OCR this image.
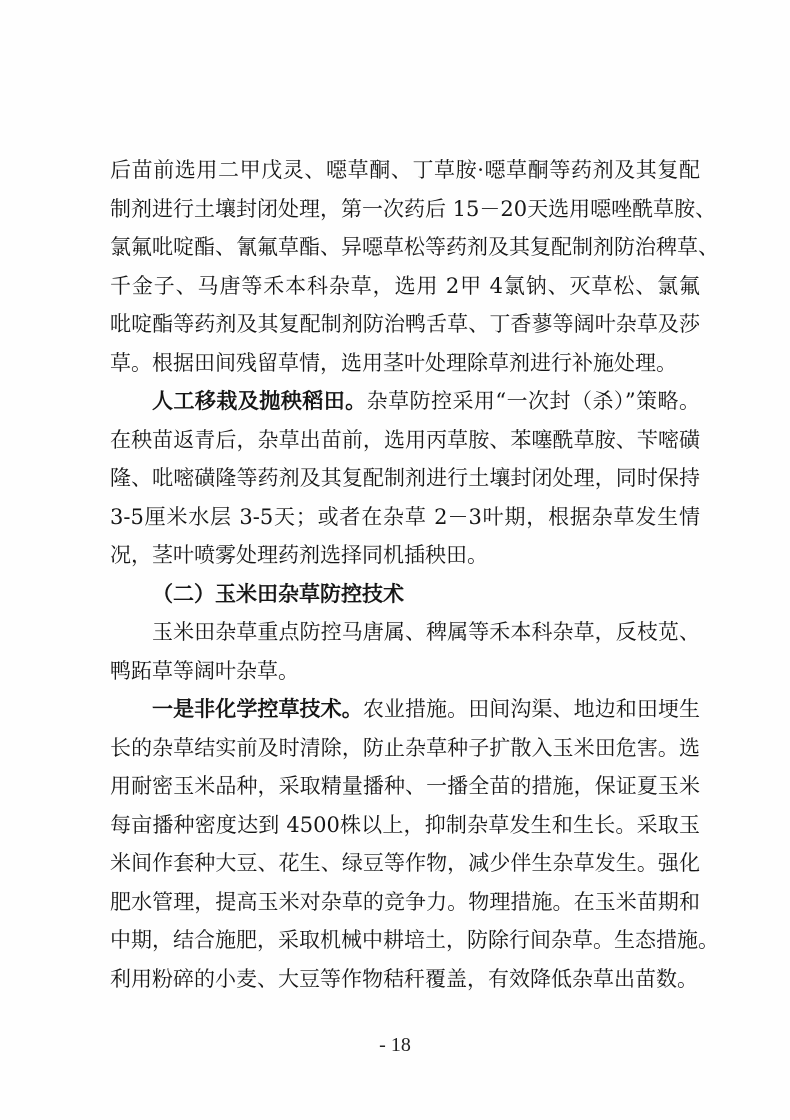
后苗前选用二甲戊灵、噁草酮、丁草胺·噁草酮等药剂及其复配
制剂进行土壤封闭处理，第一次药后 15－20天选用噁唑酰草胺、
氯氟吡啶酯、氰氟草酯、异噁草松等药剂及其复配制剂防治稗草、
千金子、马唐等禾本科杂草，选用 2甲 4氯钠、灭草松、氯氟
吡啶酯等药剂及其复配制剂防治鸭舌草、丁香蓼等阔叶杂草及莎
草。根据田间残留草情，选用茎叶处理除草剂进行补施处理。
人工移栽及抛秧稻田。杂草防控采用“一次封（杀）”策略。
在秧苗返青后，杂草出苗前，选用丙草胺、苯噻酰草胺、苄嘧磺
隆、吡嘧磺隆等药剂及其复配制剂进行土壤封闭处理，同时保持
3-5厘米水层 3-5天；或者在杂草 2－3叶期，根据杂草发生情
况，茎叶喷雾处理药剂选择同机插秧田。
（二）玉米田杂草防控技术
玉米田杂草重点防控马唐属、稗属等禾本科杂草，反枝苋、
鸭跖草等阔叶杂草。
一是非化学控草技术。农业措施。田间沟渠、地边和田埂生
长的杂草结实前及时清除，防止杂草种子扩散入玉米田危害。选
用耐密玉米品种，采取精量播种、一播全苗的措施，保证夏玉米
每亩播种密度达到 4500株以上，抑制杂草发生和生长。采取玉
米间作套种大豆、花生、绿豆等作物，减少伴生杂草发生。强化
肥水管理，提高玉米对杂草的竞争力。物理措施。在玉米苗期和
中期，结合施肥，采取机械中耕培土，防除行间杂草。生态措施。
利用粉碎的小麦、大豆等作物秸秆覆盖，有效降低杂草出苗数。
- 18
